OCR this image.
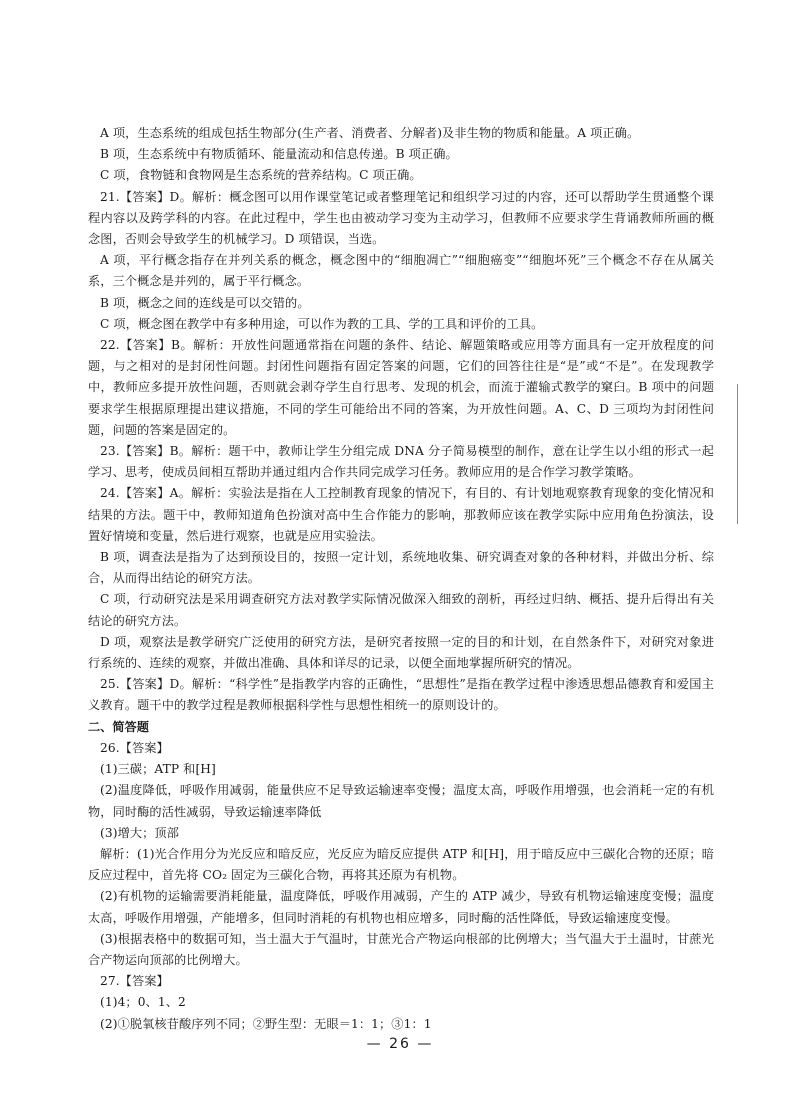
A 项，生态系统的组成包括生物部分(生产者、消费者、分解者)及非生物的物质和能量。A 项正确。

B 项，生态系统中有物质循环、能量流动和信息传递。B 项正确。

C 项，食物链和食物网是生态系统的营养结构。C 项正确。

21.【答案】D。解析：概念图可以用作课堂笔记或者整理笔记和组织学习过的内容，还可以帮助学生贯通整个课程内容以及跨学科的内容。在此过程中，学生也由被动学习变为主动学习，但教师不应要求学生背诵教师所画的概念图，否则会导致学生的机械学习。D 项错误，当选。

A 项，平行概念指存在并列关系的概念，概念图中的“细胞凋亡”“细胞癌变”“细胞坏死”三个概念不存在从属关系，三个概念是并列的，属于平行概念。

B 项，概念之间的连线是可以交错的。

C 项，概念图在教学中有多种用途，可以作为教的工具、学的工具和评价的工具。

22.【答案】B。解析：开放性问题通常指在问题的条件、结论、解题策略或应用等方面具有一定开放程度的问题，与之相对的是封闭性问题。封闭性问题指有固定答案的问题，它们的回答往往是“是”或“不是”。在发现教学中，教师应多提开放性问题，否则就会剥夺学生自行思考、发现的机会，而流于灌输式教学的窠臼。B 项中的问题要求学生根据原理提出建议措施，不同的学生可能给出不同的答案，为开放性问题。A、C、D 三项均为封闭性问题，问题的答案是固定的。

23.【答案】B。解析：题干中，教师让学生分组完成 DNA 分子简易模型的制作，意在让学生以小组的形式一起学习、思考，使成员间相互帮助并通过组内合作共同完成学习任务。教师应用的是合作学习教学策略。

24.【答案】A。解析：实验法是指在人工控制教育现象的情况下，有目的、有计划地观察教育现象的变化情况和结果的方法。题干中，教师知道角色扮演对高中生合作能力的影响，那教师应该在教学实际中应用角色扮演法，设置好情境和变量，然后进行观察，也就是应用实验法。

B 项，调查法是指为了达到预设目的，按照一定计划，系统地收集、研究调查对象的各种材料，并做出分析、综合，从而得出结论的研究方法。

C 项，行动研究法是采用调查研究方法对教学实际情况做深入细致的剖析，再经过归纳、概括、提升后得出有关结论的研究方法。

D 项，观察法是教学研究广泛使用的研究方法，是研究者按照一定的目的和计划，在自然条件下，对研究对象进行系统的、连续的观察，并做出准确、具体和详尽的记录，以便全面地掌握所研究的情况。

25.【答案】D。解析：“科学性”是指教学内容的正确性，“思想性”是指在教学过程中渗透思想品德教育和爱国主义教育。题干中的教学过程是教师根据科学性与思想性相统一的原则设计的。

二、简答题

26.【答案】

(1)三碳；ATP 和[H]

(2)温度降低，呼吸作用减弱，能量供应不足导致运输速率变慢；温度太高，呼吸作用增强，也会消耗一定的有机物，同时酶的活性减弱，导致运输速率降低

(3)增大；顶部

解析：(1)光合作用分为光反应和暗反应，光反应为暗反应提供 ATP 和[H]，用于暗反应中三碳化合物的还原；暗反应过程中，首先将 CO₂ 固定为三碳化合物，再将其还原为有机物。

(2)有机物的运输需要消耗能量，温度降低，呼吸作用减弱，产生的 ATP 减少，导致有机物运输速度变慢；温度太高，呼吸作用增强，产能增多，但同时消耗的有机物也相应增多，同时酶的活性降低，导致运输速度变慢。

(3)根据表格中的数据可知，当土温大于气温时，甘蔗光合产物运向根部的比例增大；当气温大于土温时，甘蔗光合产物运向顶部的比例增大。

27.【答案】

(1)4；0、1、2

(2)①脱氧核苷酸序列不同；②野生型：无眼＝1：1；③1：1

— 26 —
